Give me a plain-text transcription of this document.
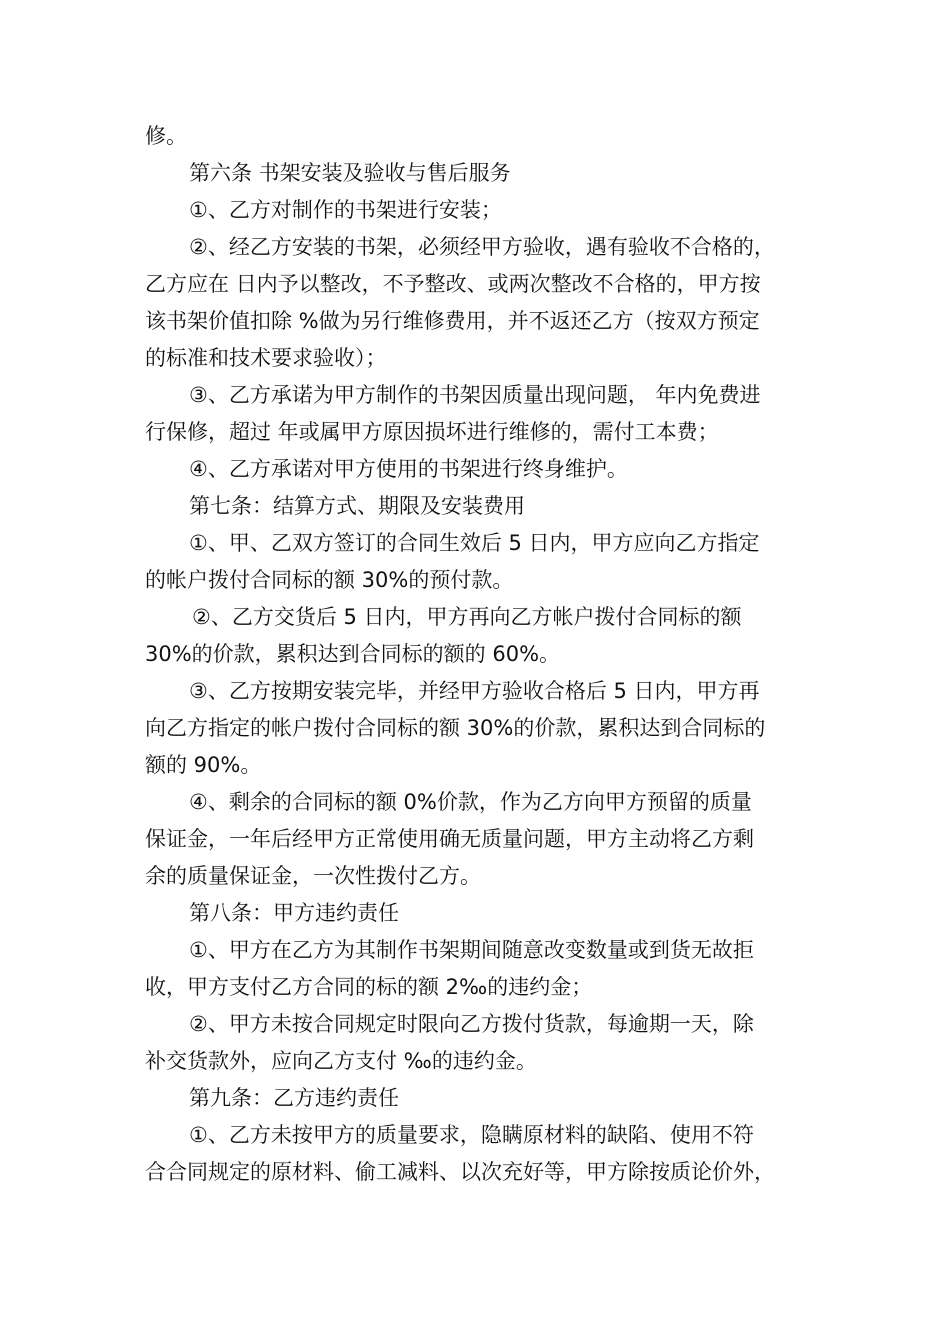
修。

第六条 书架安装及验收与售后服务

①、乙方对制作的书架进行安装；

②、经乙方安装的书架，必须经甲方验收，遇有验收不合格的，

乙方应在 日内予以整改，不予整改、或两次整改不合格的，甲方按

该书架价值扣除 %做为另行维修费用，并不返还乙方（按双方预定

的标准和技术要求验收）；

③、乙方承诺为甲方制作的书架因质量出现问题， 年内免费进

行保修，超过 年或属甲方原因损坏进行维修的，需付工本费；

④、乙方承诺对甲方使用的书架进行终身维护。

第七条：结算方式、期限及安装费用

①、甲、乙双方签订的合同生效后 5 日内，甲方应向乙方指定

的帐户拨付合同标的额 30%的预付款。

②、乙方交货后 5 日内，甲方再向乙方帐户拨付合同标的额

30%的价款，累积达到合同标的额的 60%。

③、乙方按期安装完毕，并经甲方验收合格后 5 日内，甲方再

向乙方指定的帐户拨付合同标的额 30%的价款，累积达到合同标的

额的 90%。

④、剩余的合同标的额 0%价款，作为乙方向甲方预留的质量

保证金，一年后经甲方正常使用确无质量问题，甲方主动将乙方剩

余的质量保证金，一次性拨付乙方。

第八条：甲方违约责任

①、甲方在乙方为其制作书架期间随意改变数量或到货无故拒

收，甲方支付乙方合同的标的额 2‰的违约金；

②、甲方未按合同规定时限向乙方拨付货款，每逾期一天，除

补交货款外，应向乙方支付 ‰的违约金。

第九条：乙方违约责任

①、乙方未按甲方的质量要求，隐瞒原材料的缺陷、使用不符

合合同规定的原材料、偷工减料、以次充好等，甲方除按质论价外，
